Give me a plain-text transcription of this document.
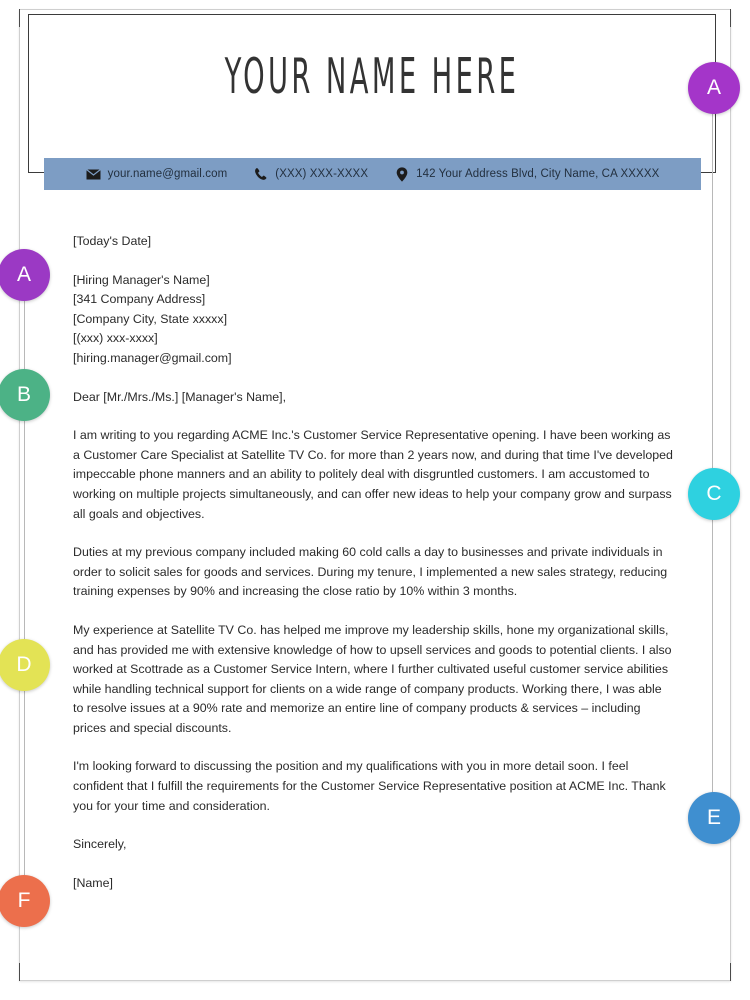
YOUR NAME HERE
your.name@gmail.com	(XXX) XXX-XXXX	142 Your Address Blvd, City Name, CA XXXXX
[Today's Date]
[Hiring Manager's Name]
[341 Company Address]
[Company City, State xxxxx]
[(xxx) xxx-xxxx]
[hiring.manager@gmail.com]

Dear [Mr./Mrs./Ms.] [Manager's Name],

I am writing to you regarding ACME Inc.'s Customer Service Representative opening. I have been working as a Customer Care Specialist at Satellite TV Co. for more than 2 years now, and during that time I've developed impeccable phone manners and an ability to politely deal with disgruntled customers. I am accustomed to working on multiple projects simultaneously, and can offer new ideas to help your company grow and surpass all goals and objectives.

Duties at my previous company included making 60 cold calls a day to businesses and private individuals in order to solicit sales for goods and services. During my tenure, I implemented a new sales strategy, reducing training expenses by 90% and increasing the close ratio by 10% within 3 months.

My experience at Satellite TV Co. has helped me improve my leadership skills, hone my organizational skills, and has provided me with extensive knowledge of how to upsell services and goods to potential clients. I also worked at Scottrade as a Customer Service Intern, where I further cultivated useful customer service abilities while handling technical support for clients on a wide range of company products. Working there, I was able to resolve issues at a 90% rate and memorize an entire line of company products & services – including prices and special discounts.

I'm looking forward to discussing the position and my qualifications with you in more detail soon. I feel confident that I fulfill the requirements for the Customer Service Representative position at ACME Inc. Thank you for your time and consideration.

Sincerely,
[Name]
A
A
B
C
D
E
F
